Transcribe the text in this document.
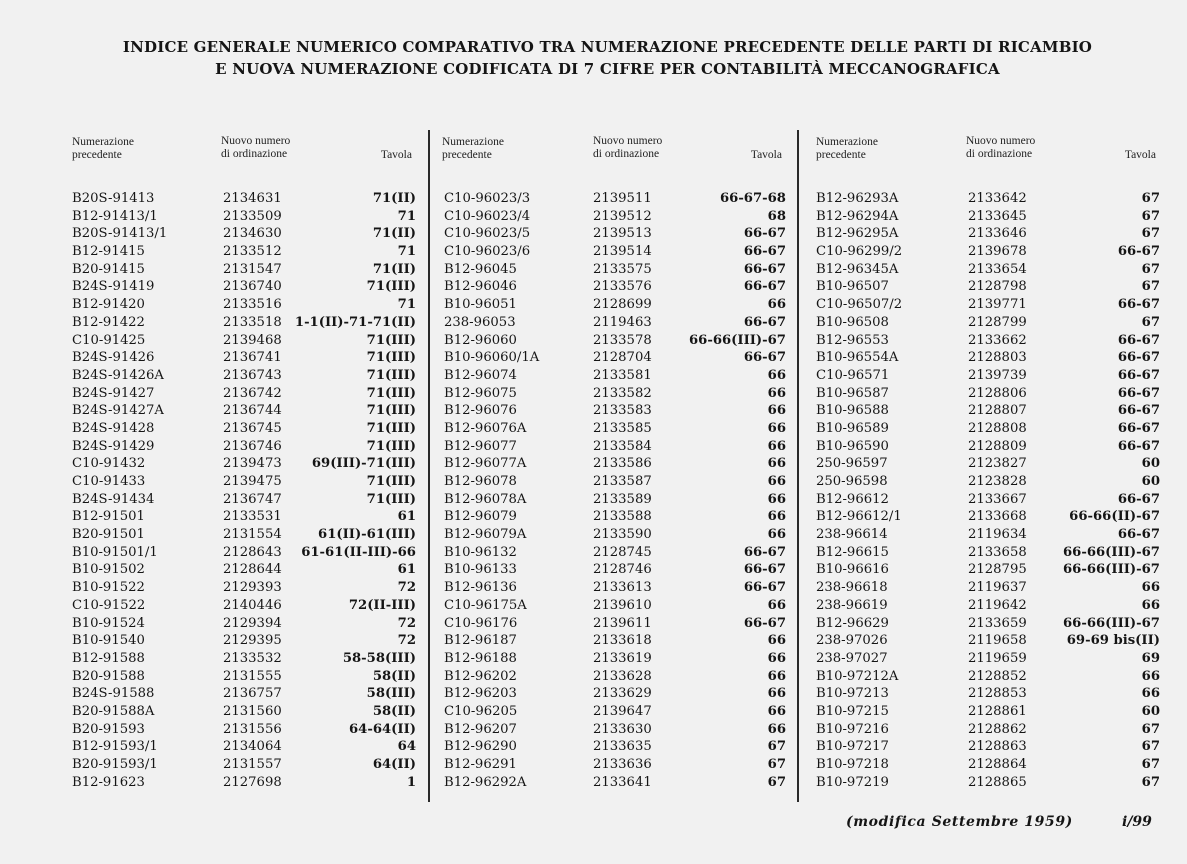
INDICE GENERALE NUMERICO COMPARATIVO TRA NUMERAZIONE PRECEDENTE DELLE PARTI DI RICAMBIO
E NUOVA NUMERAZIONE CODIFICATA DI 7 CIFRE PER CONTABILITÀ MECCANOGRAFICA
Numerazione
precedente
Nuovo numero
di ordinazione	Tavola
B20S-91413	2134631	71(II)
B12-91413/1	2133509	71
B20S-91413/1	2134630	71(II)
B12-91415	2133512	71
B20-91415	2131547	71(II)
B24S-91419	2136740	71(III)
B12-91420	2133516	71
B12-91422	2133518 1-1(II)-71-71(II)
C10-91425	2139468	71(III)
B24S-91426	2136741	71(III)
B24S-91426A	2136743	71(III)
B24S-91427	2136742	71(III)
B24S-91427A	2136744	71(III)
B24S-91428	2136745	71(III)
B24S-91429	2136746	71(III)
C10-91432	2139473 69(III)-71(III)
C10-91433	2139475	71(III)
B24S-91434	2136747	71(III)
B12-91501	2133531	61
B20-91501	2131554	61(II)-61(III)
B10-91501/1	2128643 61-61(II-III)-66
B10-91502	2128644	61
B10-91522	2129393	72
C10-91522	2140446	72(II-III)
B10-91524	2129394	72
B10-91540	2129395	72
B12-91588	2133532	58-58(III)
B20-91588	2131555	58(II)
B24S-91588	2136757	58(III)
B20-91588A	2131560	58(II)
B20-91593	2131556	64-64(II)
B12-91593/1	2134064	64
B20-91593/1	2131557	64(II)
B12-91623	2127698	1
Numerazione
precedente
Nuovo numero
di ordinazione	Tavola
C10-96023/3	2139511	66-67-68
C10-96023/4	2139512	68
C10-96023/5	2139513	66-67
C10-96023/6	2139514	66-67
B12-96045	2133575	66-67
B12-96046	2133576	66-67
B10-96051	2128699	66
238-96053	2119463	66-67
B12-96060	2133578	66-66(III)-67
B10-96060/1A	2128704	66-67
B12-96074	2133581	66
B12-96075	2133582	66
B12-96076	2133583	66
B12-96076A	2133585	66
B12-96077	2133584	66
B12-96077A	2133586	66
B12-96078	2133587	66
B12-96078A	2133589	66
B12-96079	2133588	66
B12-96079A	2133590	66
B10-96132	2128745	66-67
B10-96133	2128746	66-67
B12-96136	2133613	66-67
C10-96175A	2139610	66
C10-96176	2139611	66-67
B12-96187	2133618	66
B12-96188	2133619	66
B12-96202	2133628	66
B12-96203	2133629	66
C10-96205	2139647	66
B12-96207	2133630	66
B12-96290	2133635	67
B12-96291	2133636	67
B12-96292A	2133641	67
Numerazione
precedente
Nuovo numero
di ordinazione	Tavola
B12-96293A	2133642	67
B12-96294A	2133645	67
B12-96295A	2133646	67
C10-96299/2	2139678	66-67
B12-96345A	2133654	67
B10-96507	2128798	67
C10-96507/2	2139771	66-67
B10-96508	2128799	67
B12-96553	2133662	66-67
B10-96554A	2128803	66-67
C10-96571	2139739	66-67
B10-96587	2128806	66-67
B10-96588	2128807	66-67
B10-96589	2128808	66-67
B10-96590	2128809	66-67
250-96597	2123827	60
250-96598	2123828	60
B12-96612	2133667	66-67
B12-96612/1	2133668	66-66(II)-67
238-96614	2119634	66-67
B12-96615	2133658	66-66(III)-67
B10-96616	2128795	66-66(III)-67
238-96618	2119637	66
238-96619	2119642	66
B12-96629	2133659	66-66(III)-67
238-97026	2119658	69-69 bis(II)
238-97027	2119659	69
B10-97212A	2128852	66
B10-97213	2128853	66
B10-97215	2128861	60
B10-97216	2128862	67
B10-97217	2128863	67
B10-97218	2128864	67
B10-97219	2128865	67
(modifica Settembre 1959)	i/99
